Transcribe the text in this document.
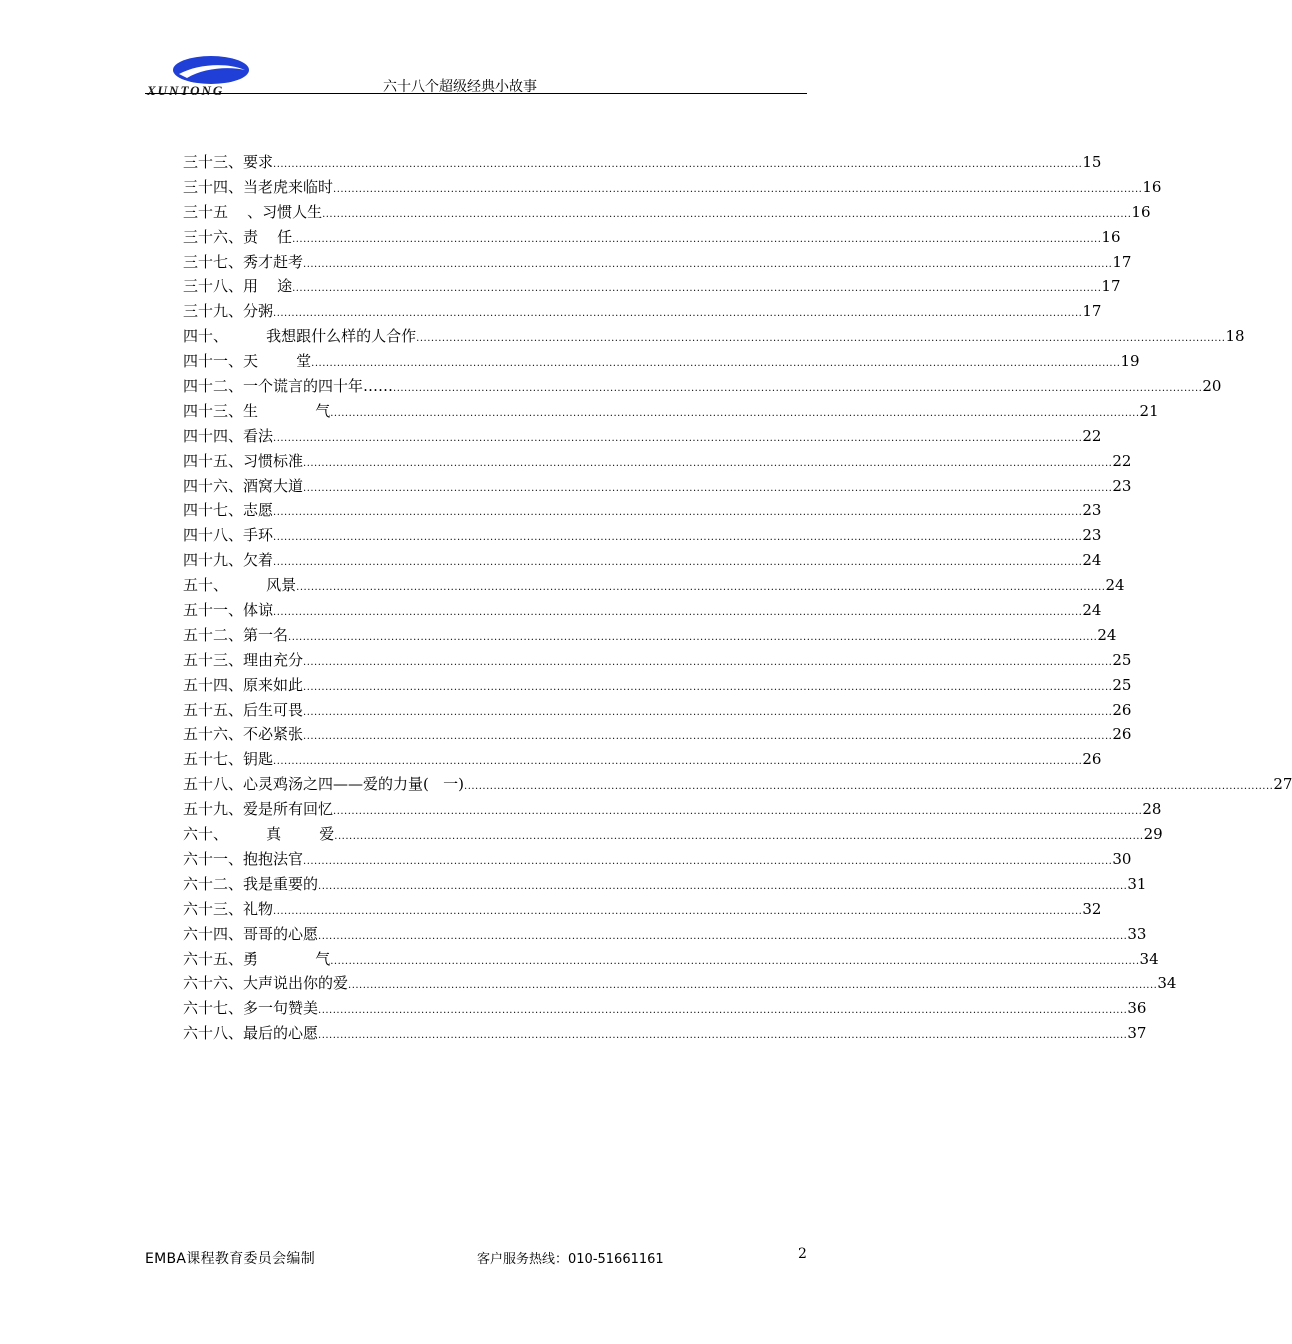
XUNTONG	六十八个超级经典小故事
三十三、要求 ............................................................................................................................................................................................................................ 15
三十四、当老虎来临时 ............................................................................................................................................................................................................................ 16
三十五    、习惯人生 ............................................................................................................................................................................................................................ 16
三十六、责    任 ............................................................................................................................................................................................................................ 16
三十七、秀才赶考 ............................................................................................................................................................................................................................ 17
三十八、用    途 ............................................................................................................................................................................................................................ 17
三十九、分粥 ............................................................................................................................................................................................................................ 17
四十、        我想跟什么样的人合作 ............................................................................................................................................................................................................................ 18
四十一、天        堂 ............................................................................................................................................................................................................................ 19
四十二、一个谎言的四十年…… ............................................................................................................................................................................................................................ 20
四十三、生            气 ............................................................................................................................................................................................................................ 21
四十四、看法 ............................................................................................................................................................................................................................ 22
四十五、习惯标准 ............................................................................................................................................................................................................................ 22
四十六、酒窝大道 ............................................................................................................................................................................................................................ 23
四十七、志愿 ............................................................................................................................................................................................................................ 23
四十八、手环 ............................................................................................................................................................................................................................ 23
四十九、欠着 ............................................................................................................................................................................................................................ 24
五十、        风景 ............................................................................................................................................................................................................................ 24
五十一、体谅 ............................................................................................................................................................................................................................ 24
五十二、第一名 ............................................................................................................................................................................................................................ 24
五十三、理由充分 ............................................................................................................................................................................................................................ 25
五十四、原来如此 ............................................................................................................................................................................................................................ 25
五十五、后生可畏 ............................................................................................................................................................................................................................ 26
五十六、不必紧张 ............................................................................................................................................................................................................................ 26
五十七、钥匙 ............................................................................................................................................................................................................................ 26
五十八、心灵鸡汤之四——爱的力量(   一) ............................................................................................................................................................................................................................ 27
五十九、爱是所有回忆 ............................................................................................................................................................................................................................ 28
六十、        真        爱 ............................................................................................................................................................................................................................ 29
六十一、抱抱法官 ............................................................................................................................................................................................................................ 30
六十二、我是重要的 ............................................................................................................................................................................................................................ 31
六十三、礼物 ............................................................................................................................................................................................................................ 32
六十四、哥哥的心愿 ............................................................................................................................................................................................................................ 33
六十五、勇            气 ............................................................................................................................................................................................................................ 34
六十六、大声说出你的爱 ............................................................................................................................................................................................................................ 34
六十七、多一句赞美 ............................................................................................................................................................................................................................ 36
六十八、最后的心愿 ............................................................................................................................................................................................................................ 37
EMBA课程教育委员会编制	客户服务热线：010-51661161	2
